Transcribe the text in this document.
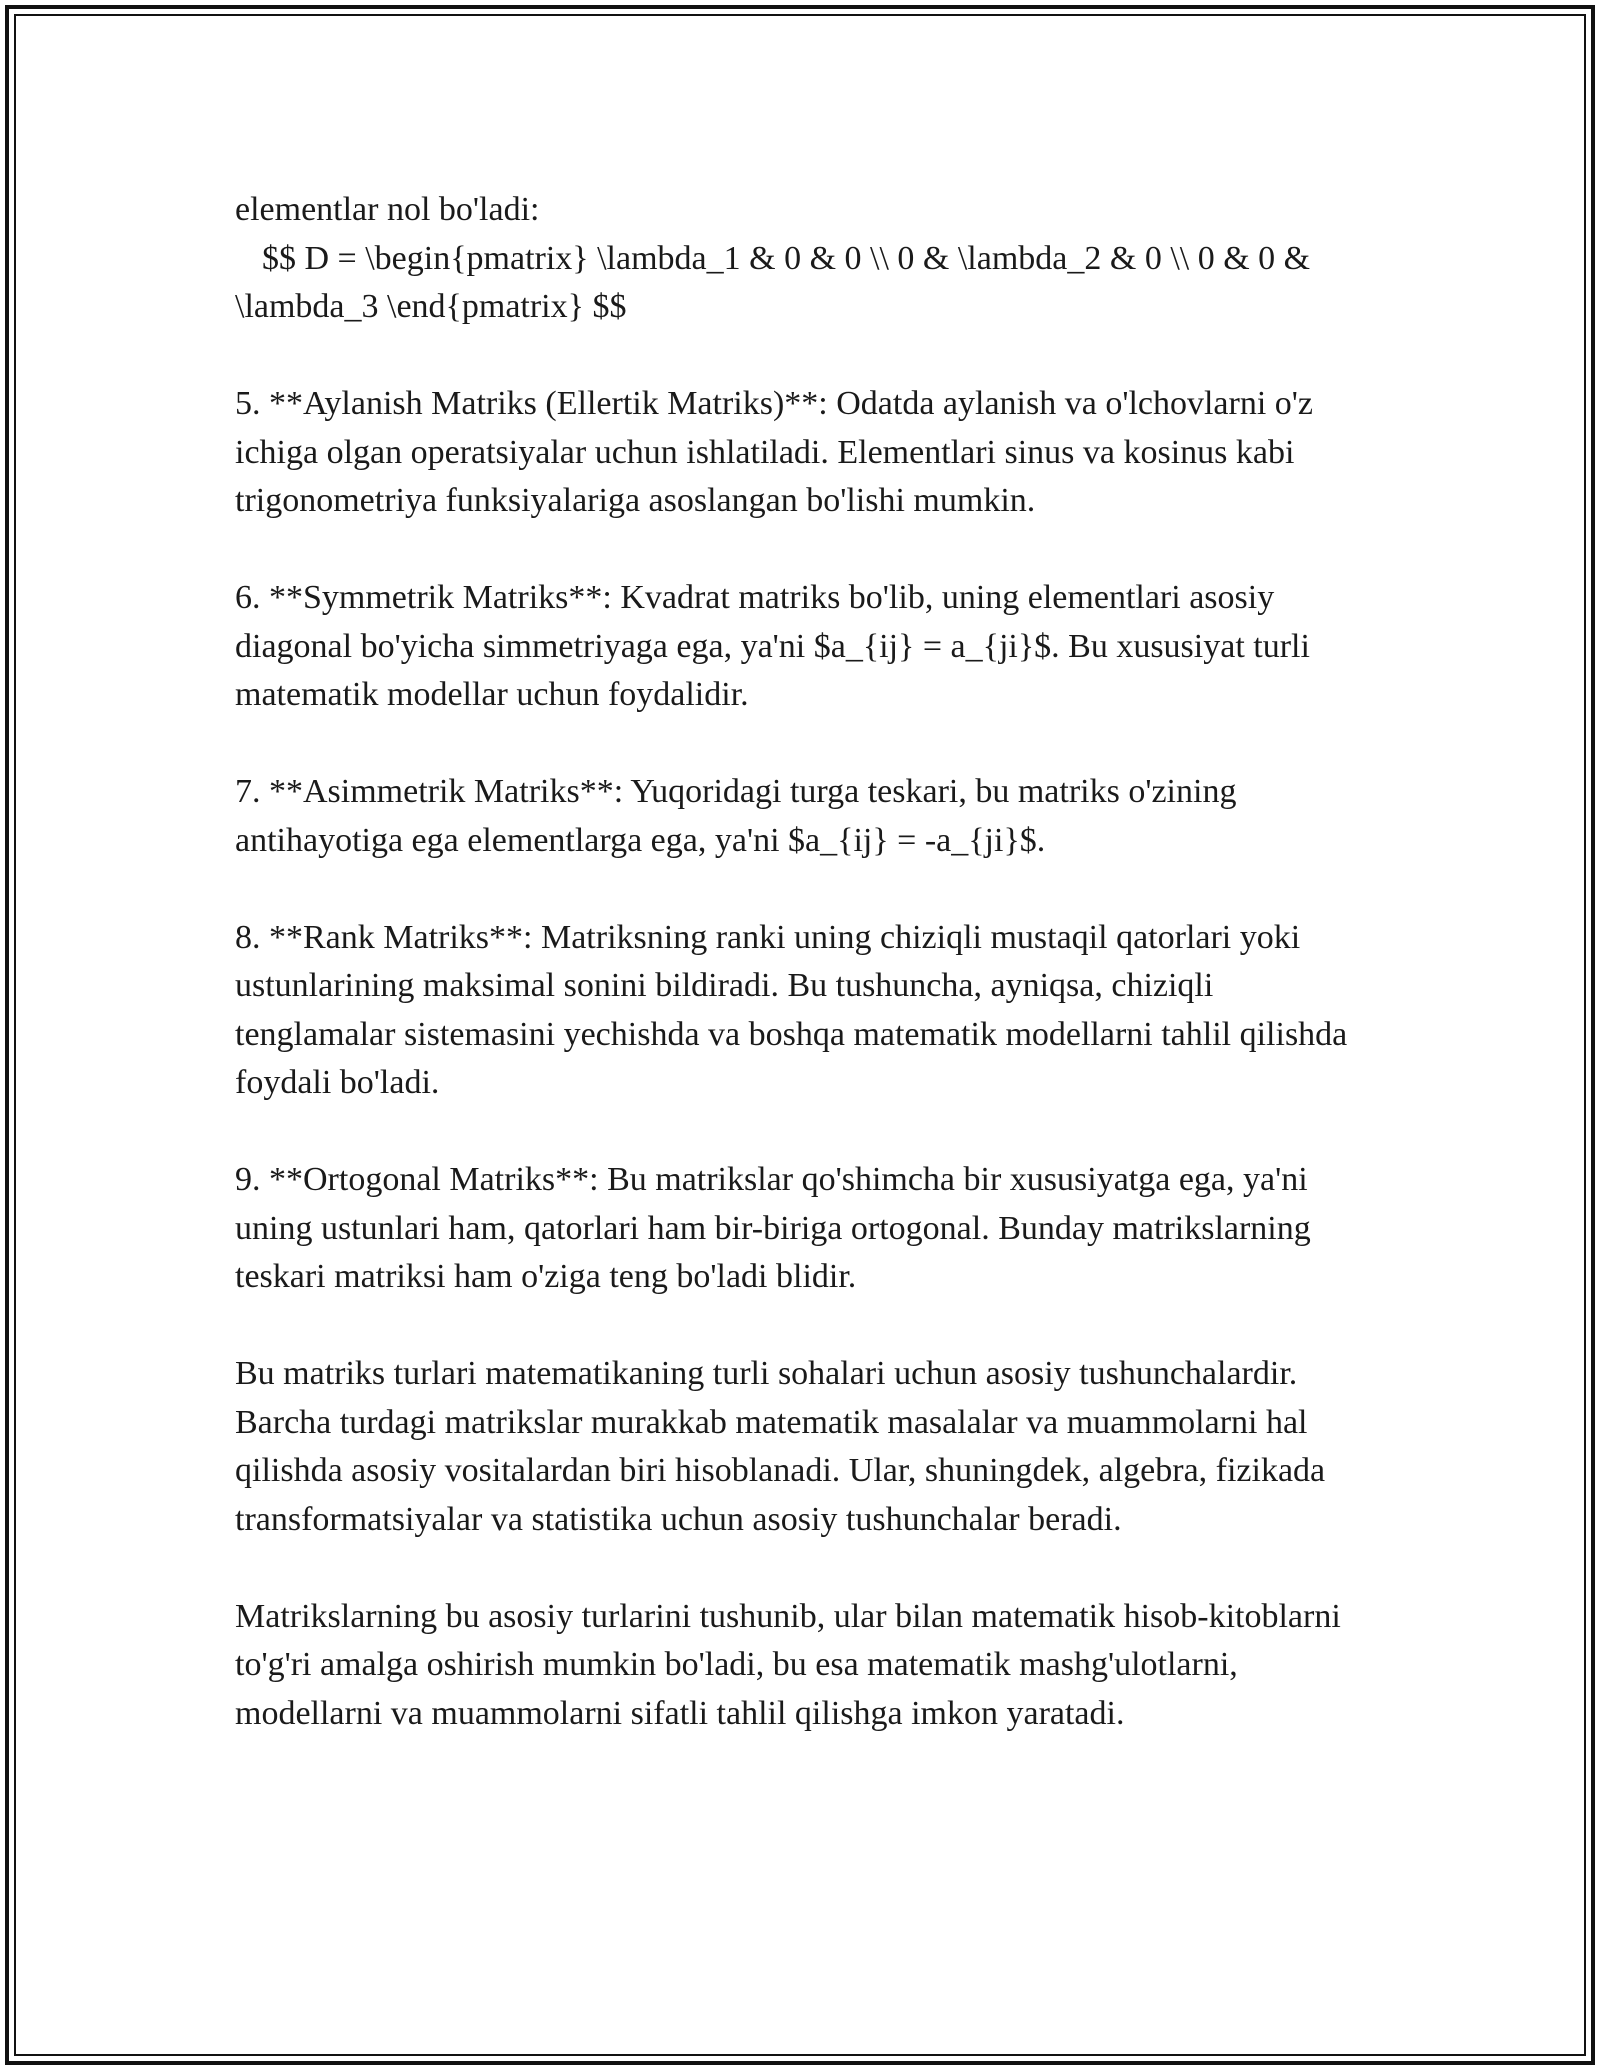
elementlar nol bo'ladi:
$$ D = \begin{pmatrix} \lambda_1 & 0 & 0 \\ 0 & \lambda_2 & 0 \\ 0 & 0 & \lambda_3 \end{pmatrix} $$

5. **Aylanish Matriks (Ellertik Matriks)**: Odatda aylanish va o'lchovlarni o'z ichiga olgan operatsiyalar uchun ishlatiladi. Elementlari sinus va kosinus kabi trigonometriya funksiyalariga asoslangan bo'lishi mumkin.

6. **Symmetrik Matriks**: Kvadrat matriks bo'lib, uning elementlari asosiy diagonal bo'yicha simmetriyaga ega, ya'ni $a_{ij} = a_{ji}$. Bu xususiyat turli matematik modellar uchun foydalidir.

7. **Asimmetrik Matriks**: Yuqoridagi turga teskari, bu matriks o'zining antihayotiga ega elementlarga ega, ya'ni $a_{ij} = -a_{ji}$.

8. **Rank Matriks**: Matriksning ranki uning chiziqli mustaqil qatorlari yoki ustunlarining maksimal sonini bildiradi. Bu tushuncha, ayniqsa, chiziqli tenglamalar sistemasini yechishda va boshqa matematik modellarni tahlil qilishda foydali bo'ladi.

9. **Ortogonal Matriks**: Bu matrikslar qo'shimcha bir xususiyatga ega, ya'ni uning ustunlari ham, qatorlari ham bir-biriga ortogonal. Bunday matrikslarning teskari matriksi ham o'ziga teng bo'ladi blidir.

Bu matriks turlari matematikaning turli sohalari uchun asosiy tushunchalardir. Barcha turdagi matrikslar murakkab matematik masalalar va muammolarni hal qilishda asosiy vositalardan biri hisoblanadi. Ular, shuningdek, algebra, fizikada transformatsiyalar va statistika uchun asosiy tushunchalar beradi.

Matrikslarning bu asosiy turlarini tushunib, ular bilan matematik hisob-kitoblarni to'g'ri amalga oshirish mumkin bo'ladi, bu esa matematik mashg'ulotlarni, modellarni va muammolarni sifatli tahlil qilishga imkon yaratadi.
